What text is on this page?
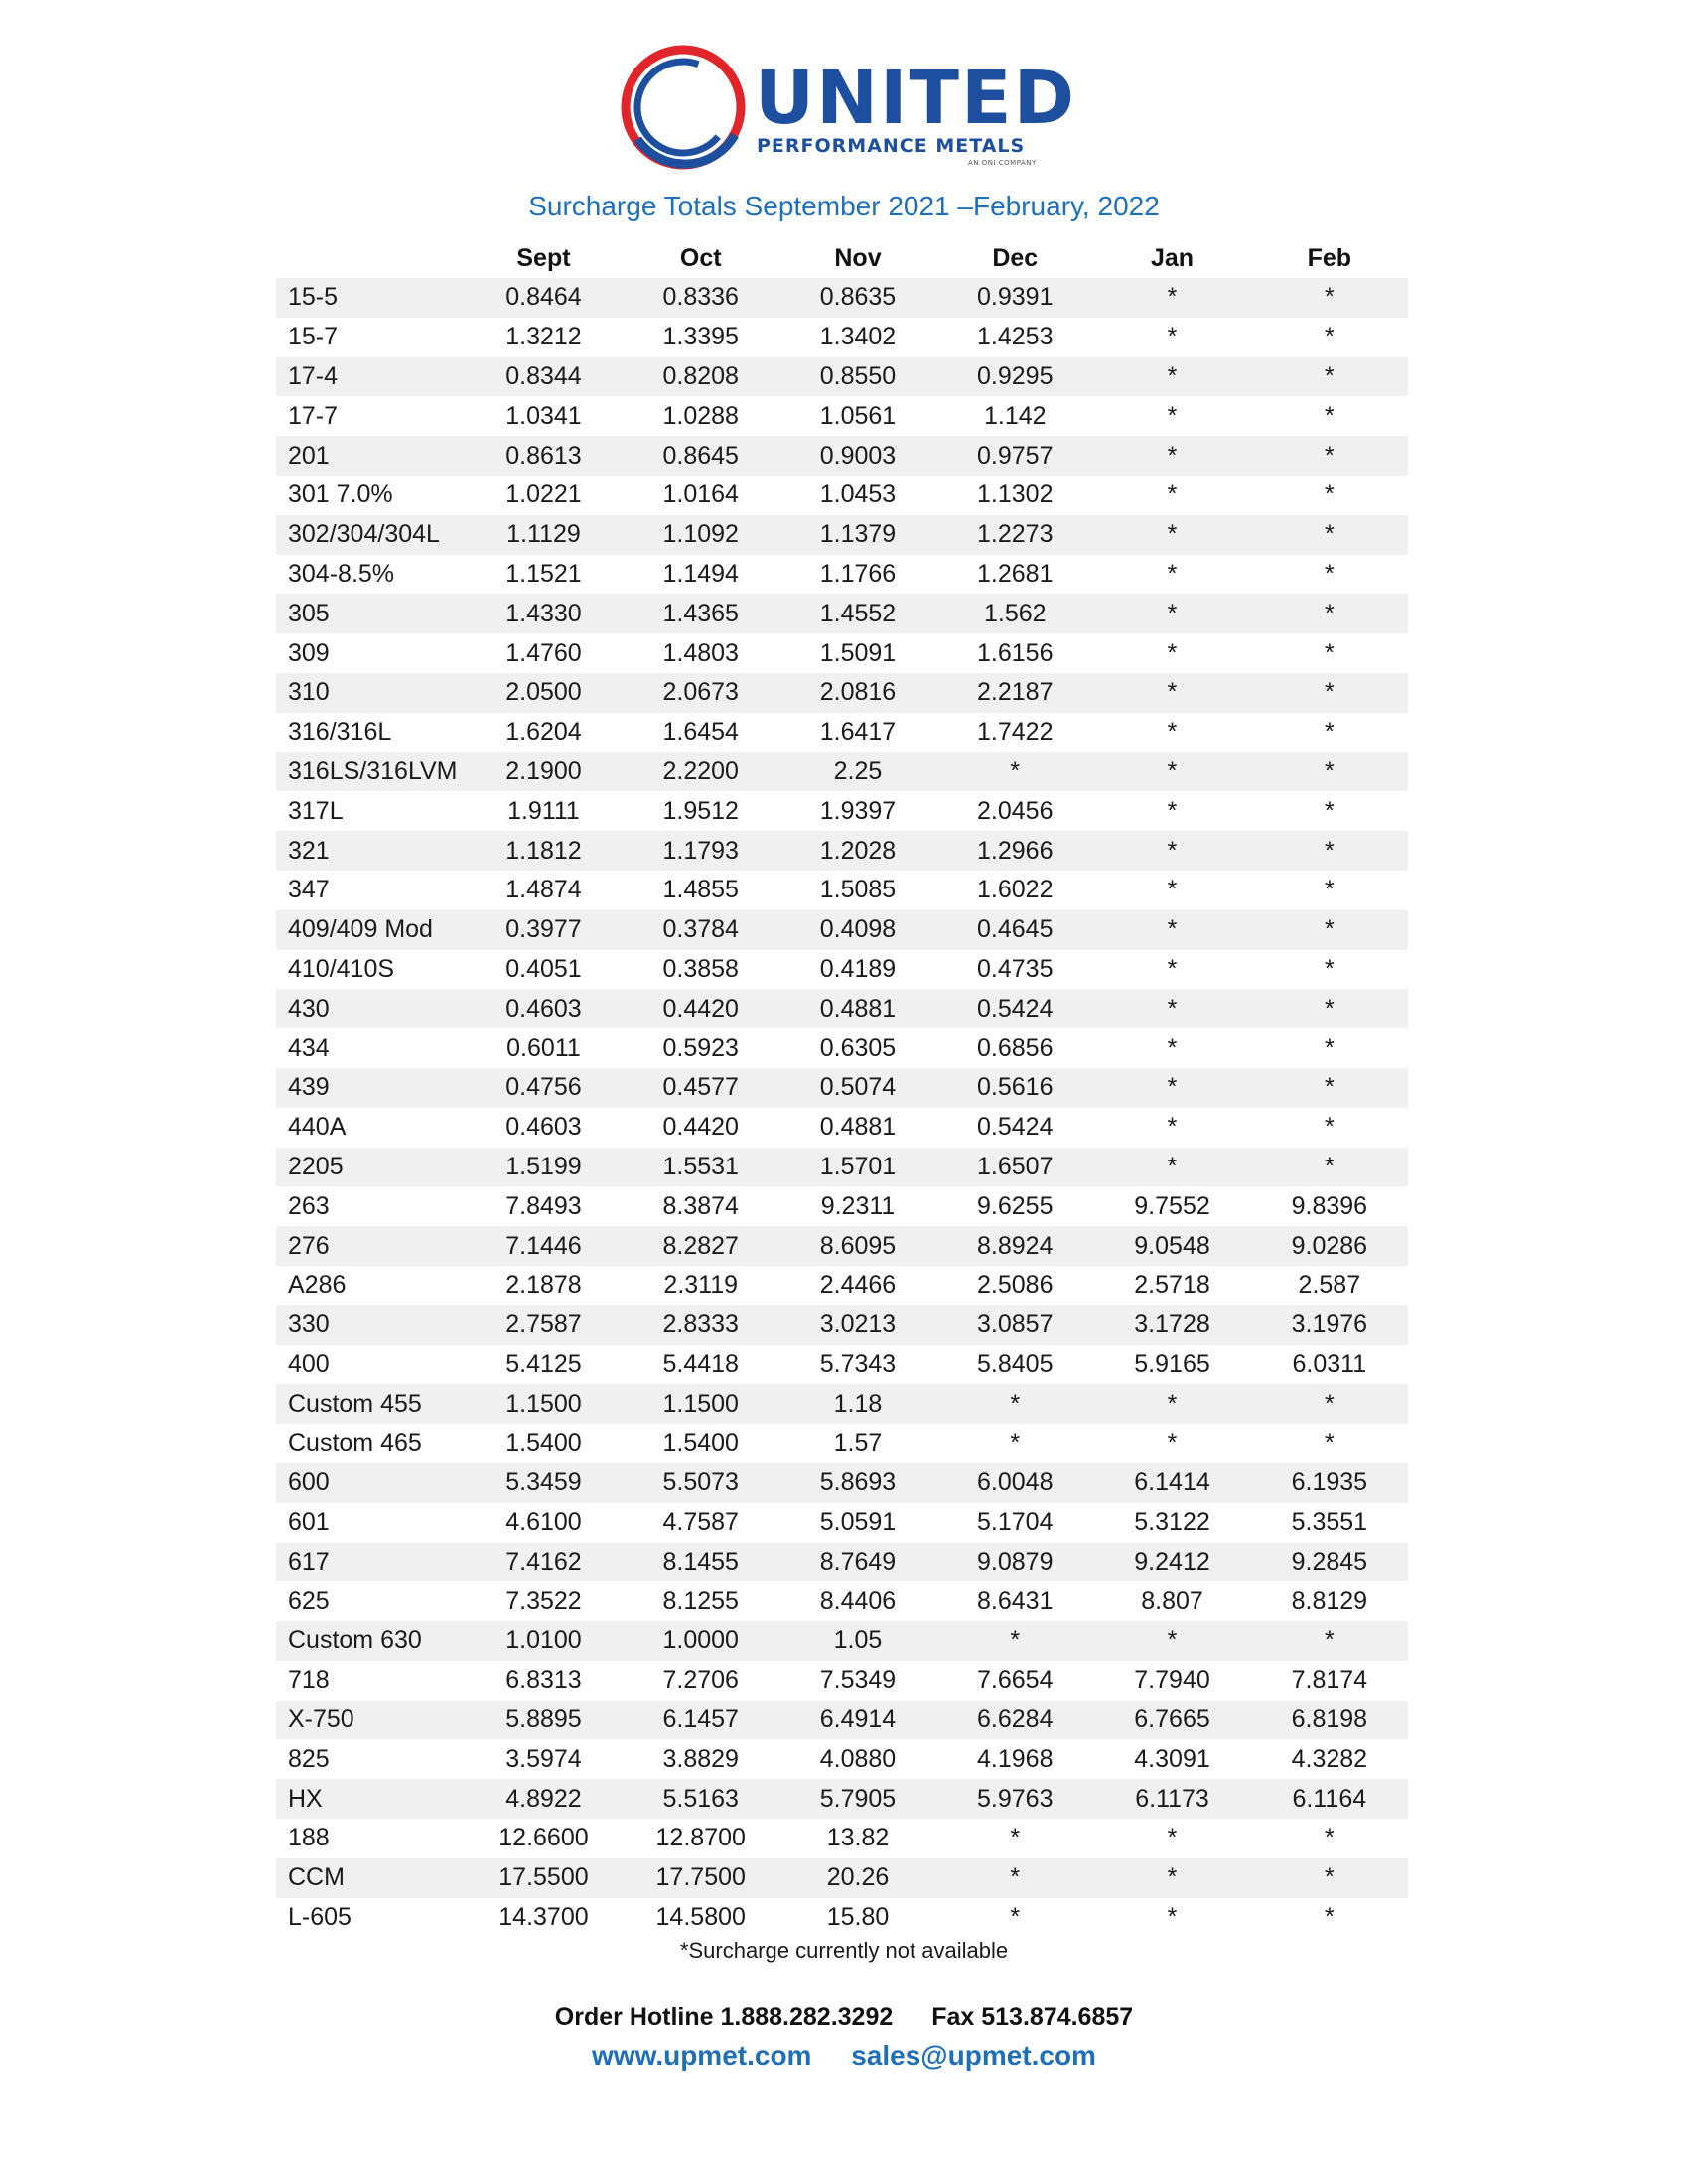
UNITED
PERFORMANCE METALS
AN ONI COMPANY
Surcharge Totals September 2021 –February, 2022
	Sept	Oct	Nov	Dec	Jan	Feb
15-5	0.8464	0.8336	0.8635	0.9391	*	*
15-7	1.3212	1.3395	1.3402	1.4253	*	*
17-4	0.8344	0.8208	0.8550	0.9295	*	*
17-7	1.0341	1.0288	1.0561	1.142	*	*
201	0.8613	0.8645	0.9003	0.9757	*	*
301 7.0%	1.0221	1.0164	1.0453	1.1302	*	*
302/304/304L	1.1129	1.1092	1.1379	1.2273	*	*
304-8.5%	1.1521	1.1494	1.1766	1.2681	*	*
305	1.4330	1.4365	1.4552	1.562	*	*
309	1.4760	1.4803	1.5091	1.6156	*	*
310	2.0500	2.0673	2.0816	2.2187	*	*
316/316L	1.6204	1.6454	1.6417	1.7422	*	*
316LS/316LVM	2.1900	2.2200	2.25	*	*	*
317L	1.9111	1.9512	1.9397	2.0456	*	*
321	1.1812	1.1793	1.2028	1.2966	*	*
347	1.4874	1.4855	1.5085	1.6022	*	*
409/409 Mod	0.3977	0.3784	0.4098	0.4645	*	*
410/410S	0.4051	0.3858	0.4189	0.4735	*	*
430	0.4603	0.4420	0.4881	0.5424	*	*
434	0.6011	0.5923	0.6305	0.6856	*	*
439	0.4756	0.4577	0.5074	0.5616	*	*
440A	0.4603	0.4420	0.4881	0.5424	*	*
2205	1.5199	1.5531	1.5701	1.6507	*	*
263	7.8493	8.3874	9.2311	9.6255	9.7552	9.8396
276	7.1446	8.2827	8.6095	8.8924	9.0548	9.0286
A286	2.1878	2.3119	2.4466	2.5086	2.5718	2.587
330	2.7587	2.8333	3.0213	3.0857	3.1728	3.1976
400	5.4125	5.4418	5.7343	5.8405	5.9165	6.0311
Custom 455	1.1500	1.1500	1.18	*	*	*
Custom 465	1.5400	1.5400	1.57	*	*	*
600	5.3459	5.5073	5.8693	6.0048	6.1414	6.1935
601	4.6100	4.7587	5.0591	5.1704	5.3122	5.3551
617	7.4162	8.1455	8.7649	9.0879	9.2412	9.2845
625	7.3522	8.1255	8.4406	8.6431	8.807	8.8129
Custom 630	1.0100	1.0000	1.05	*	*	*
718	6.8313	7.2706	7.5349	7.6654	7.7940	7.8174
X-750	5.8895	6.1457	6.4914	6.6284	6.7665	6.8198
825	3.5974	3.8829	4.0880	4.1968	4.3091	4.3282
HX	4.8922	5.5163	5.7905	5.9763	6.1173	6.1164
188	12.6600	12.8700	13.82	*	*	*
CCM	17.5500	17.7500	20.26	*	*	*
L-605	14.3700	14.5800	15.80	*	*	*
*Surcharge currently not available
Order Hotline 1.888.282.3292 Fax 513.874.6857
www.upmet.com sales@upmet.com
